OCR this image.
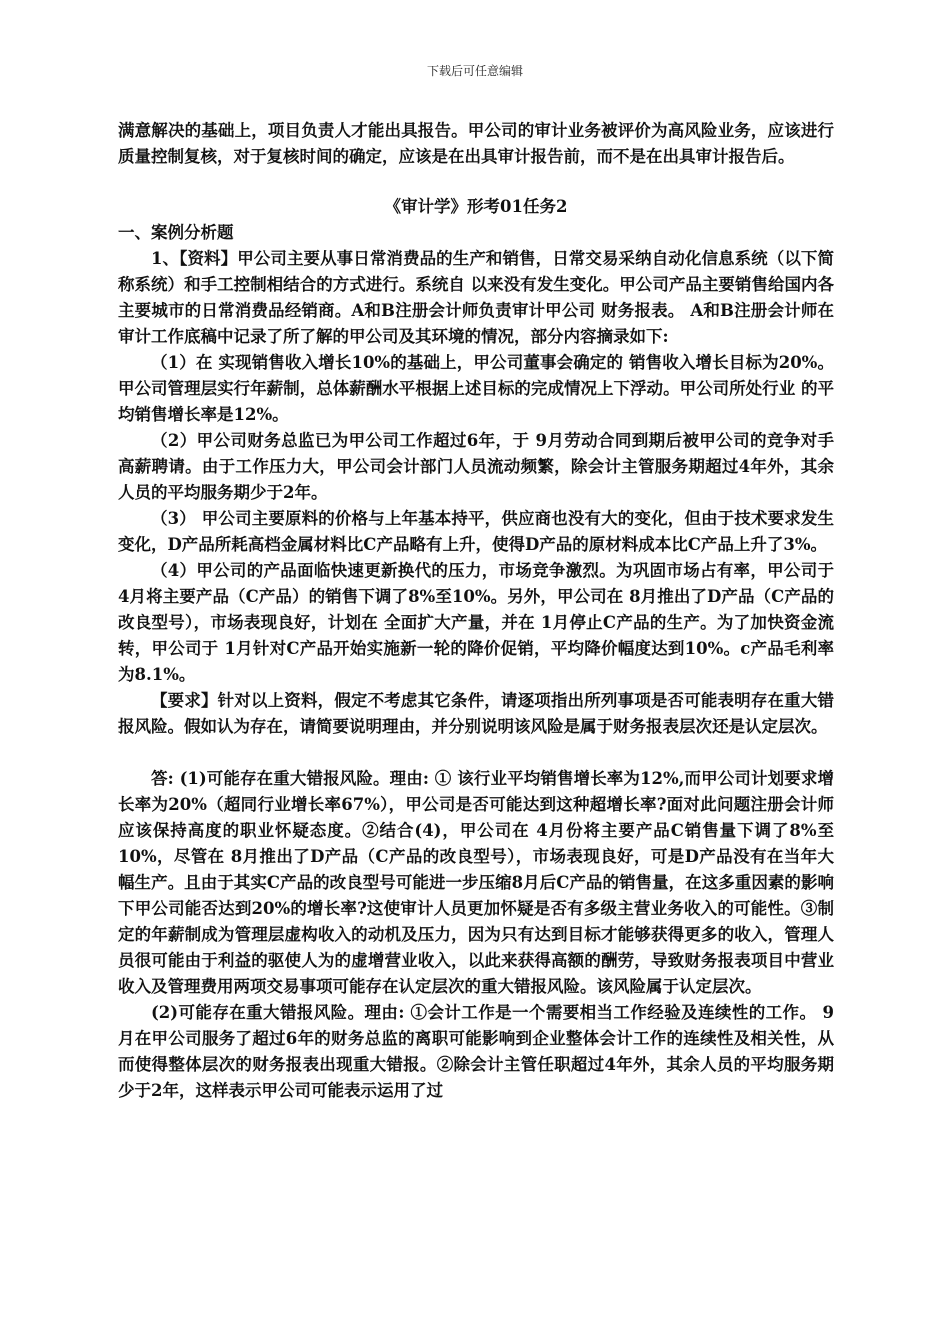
下载后可任意编辑

满意解决的基础上，项目负责人才能出具报告。甲公司的审计业务被评价为高风险业务，应该进行质量控制复核，对于复核时间的确定，应该是在出具审计报告前，而不是在出具审计报告后。

《审计学》形考01任务2

一、案例分析题

1、【资料】甲公司主要从事日常消费品的生产和销售，日常交易采纳自动化信息系统（以下简称系统）和手工控制相结合的方式进行。系统自 以来没有发生变化。甲公司产品主要销售给国内各主要城市的日常消费品经销商。A和B注册会计师负责审计甲公司 财务报表。 A和B注册会计师在审计工作底稿中记录了所了解的甲公司及其环境的情况，部分内容摘录如下:

（1）在 实现销售收入增长10%的基础上，甲公司董事会确定的 销售收入增长目标为20%。甲公司管理层实行年薪制，总体薪酬水平根据上述目标的完成情况上下浮动。甲公司所处行业 的平均销售增长率是12%。

（2）甲公司财务总监已为甲公司工作超过6年，于 9月劳动合同到期后被甲公司的竞争对手高薪聘请。由于工作压力大，甲公司会计部门人员流动频繁，除会计主管服务期超过4年外，其余人员的平均服务期少于2年。

（3） 甲公司主要原料的价格与上年基本持平，供应商也没有大的变化，但由于技术要求发生变化，D产品所耗高档金属材料比C产品略有上升，使得D产品的原材料成本比C产品上升了3%。

（4）甲公司的产品面临快速更新换代的压力，市场竞争激烈。为巩固市场占有率，甲公司于 4月将主要产品（C产品）的销售下调了8%至10%。另外，甲公司在 8月推出了D产品（C产品的改良型号），市场表现良好，计划在 全面扩大产量，并在 1月停止C产品的生产。为了加快资金流转，甲公司于 1月针对C产品开始实施新一轮的降价促销，平均降价幅度达到10%。c产品毛利率为8.1%。

【要求】针对以上资料，假定不考虑其它条件，请逐项指出所列事项是否可能表明存在重大错报风险。假如认为存在，请简要说明理由，并分别说明该风险是属于财务报表层次还是认定层次。

答: (1)可能存在重大错报风险。理由: ① 该行业平均销售增长率为12%,而甲公司计划要求增长率为20%（超同行业增长率67%），甲公司是否可能达到这种超增长率?面对此问题注册会计师应该保持高度的职业怀疑态度。②结合(4)，甲公司在 4月份将主要产品C销售量下调了8%至10%，尽管在 8月推出了D产品（C产品的改良型号），市场表现良好，可是D产品没有在当年大幅生产。且由于其实C产品的改良型号可能进一步压缩8月后C产品的销售量，在这多重因素的影响下甲公司能否达到20%的增长率?这使审计人员更加怀疑是否有多级主营业务收入的可能性。③制定的年薪制成为管理层虚构收入的动机及压力，因为只有达到目标才能够获得更多的收入，管理人员很可能由于利益的驱使人为的虚增营业收入，以此来获得高额的酬劳，导致财务报表项目中营业收入及管理费用两项交易事项可能存在认定层次的重大错报风险。该风险属于认定层次。

(2)可能存在重大错报风险。理由: ①会计工作是一个需要相当工作经验及连续性的工作。 9月在甲公司服务了超过6年的财务总监的离职可能影响到企业整体会计工作的连续性及相关性，从而使得整体层次的财务报表出现重大错报。②除会计主管任职超过4年外，其余人员的平均服务期少于2年，这样表示甲公司可能表示运用了过
